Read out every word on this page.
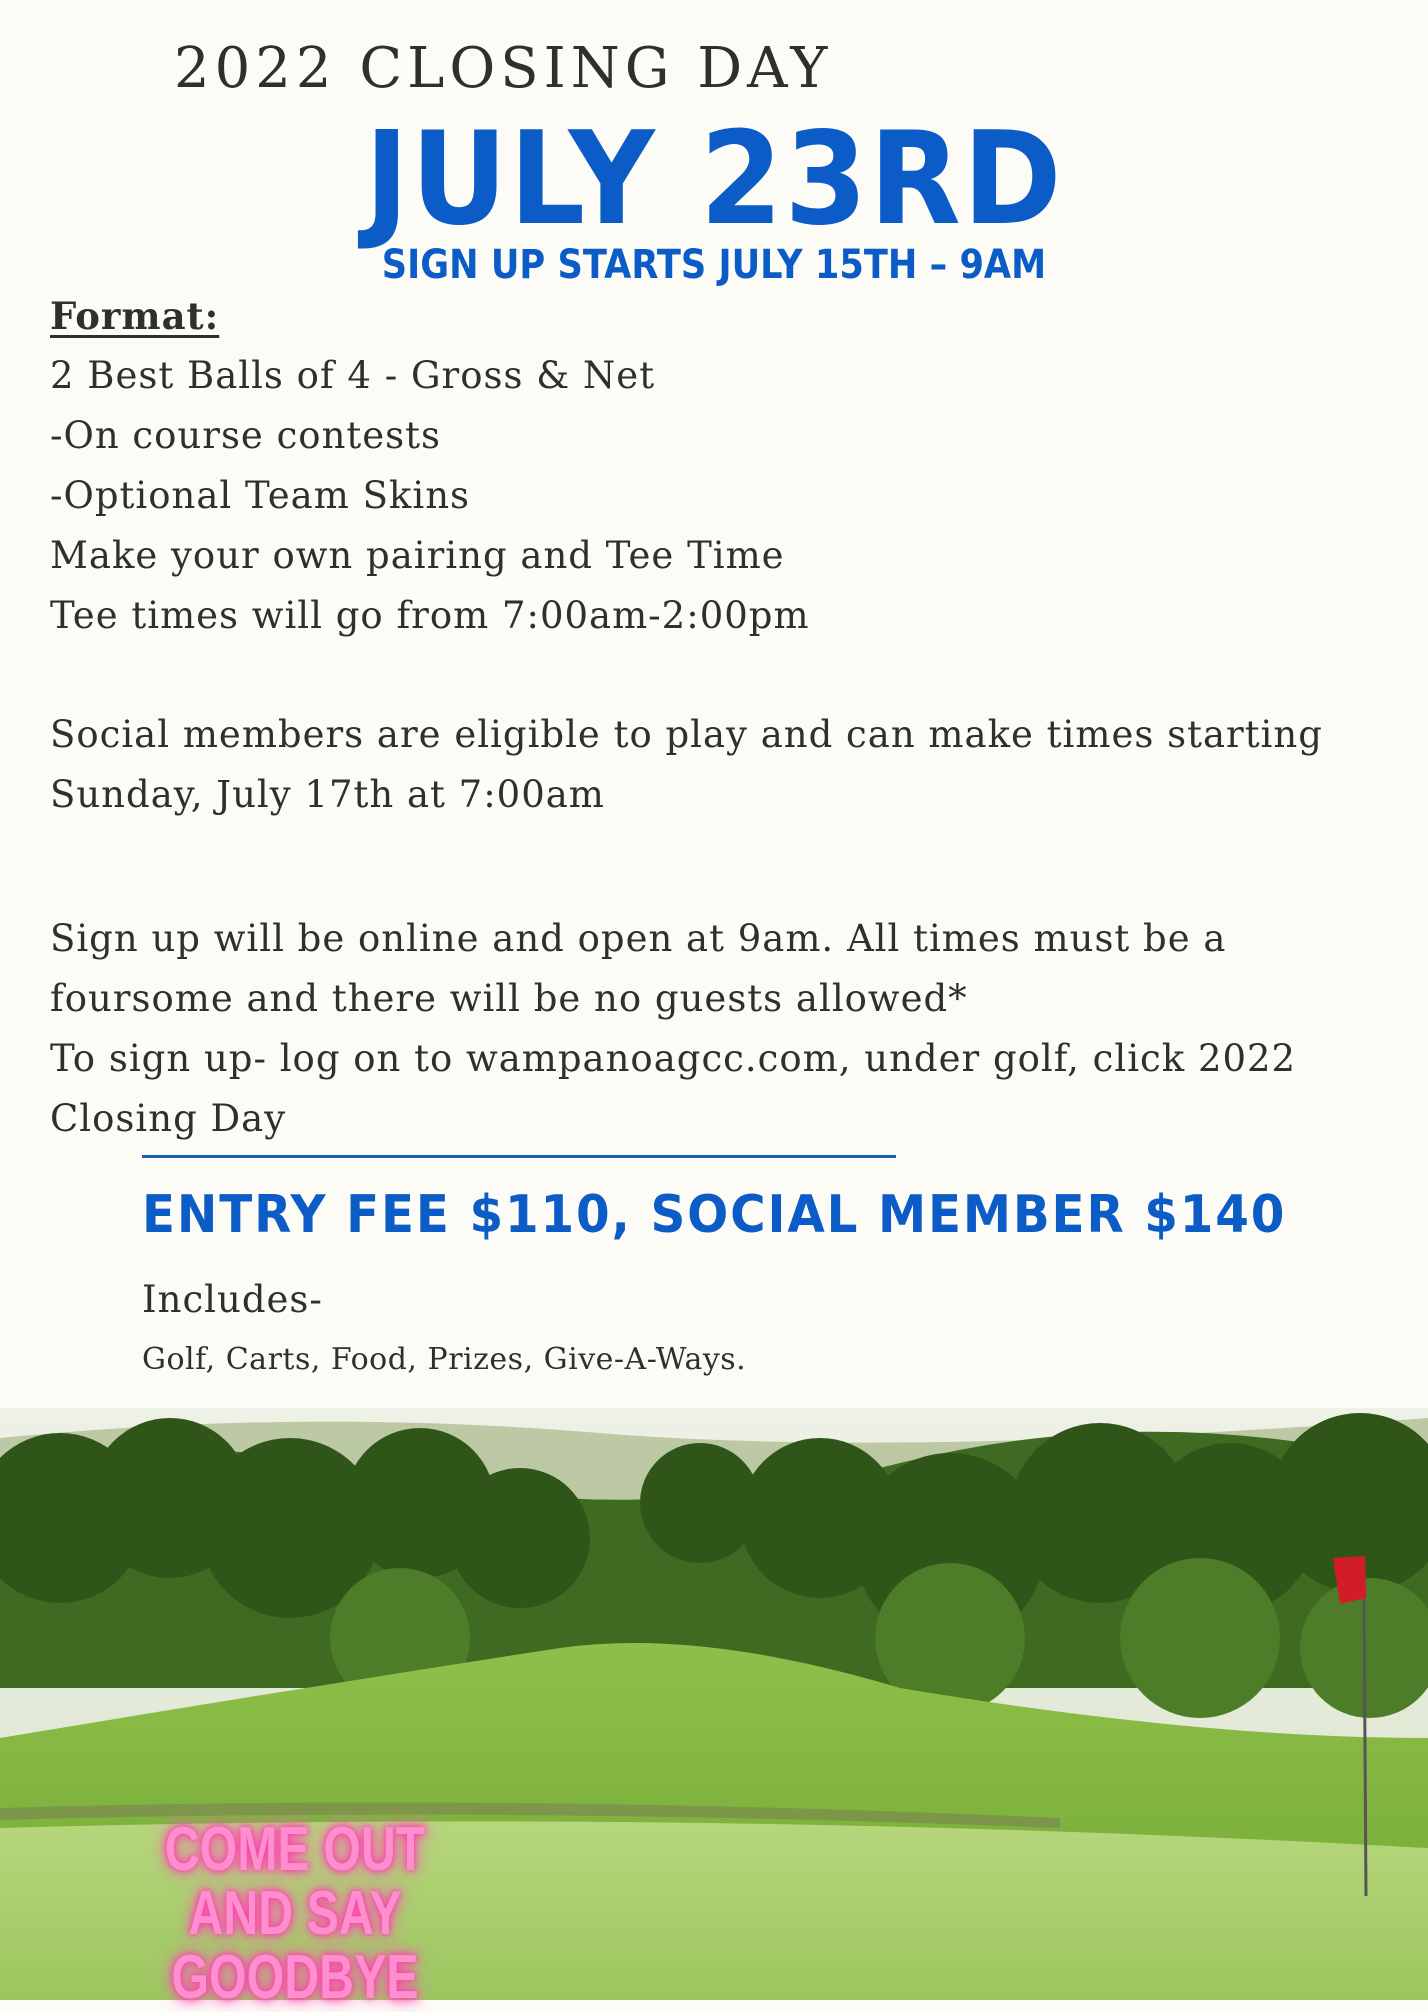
2022 CLOSING DAY
JULY 23RD
SIGN UP STARTS JULY 15TH – 9AM
Format:
2 Best Balls of 4 - Gross & Net
-On course contests
-Optional Team Skins
Make your own pairing and Tee Time
Tee times will go from 7:00am-2:00pm
Social members are eligible to play and can make times starting
Sunday, July 17th at 7:00am
Sign up will be online and open at 9am. All times must be a
foursome and there will be no guests allowed*
To sign up- log on to wampanoagcc.com, under golf, click 2022
Closing Day
ENTRY FEE $110, SOCIAL MEMBER $140
Includes-
Golf, Carts, Food, Prizes, Give-A-Ways.
COME OUT AND SAY
GOODBYE
